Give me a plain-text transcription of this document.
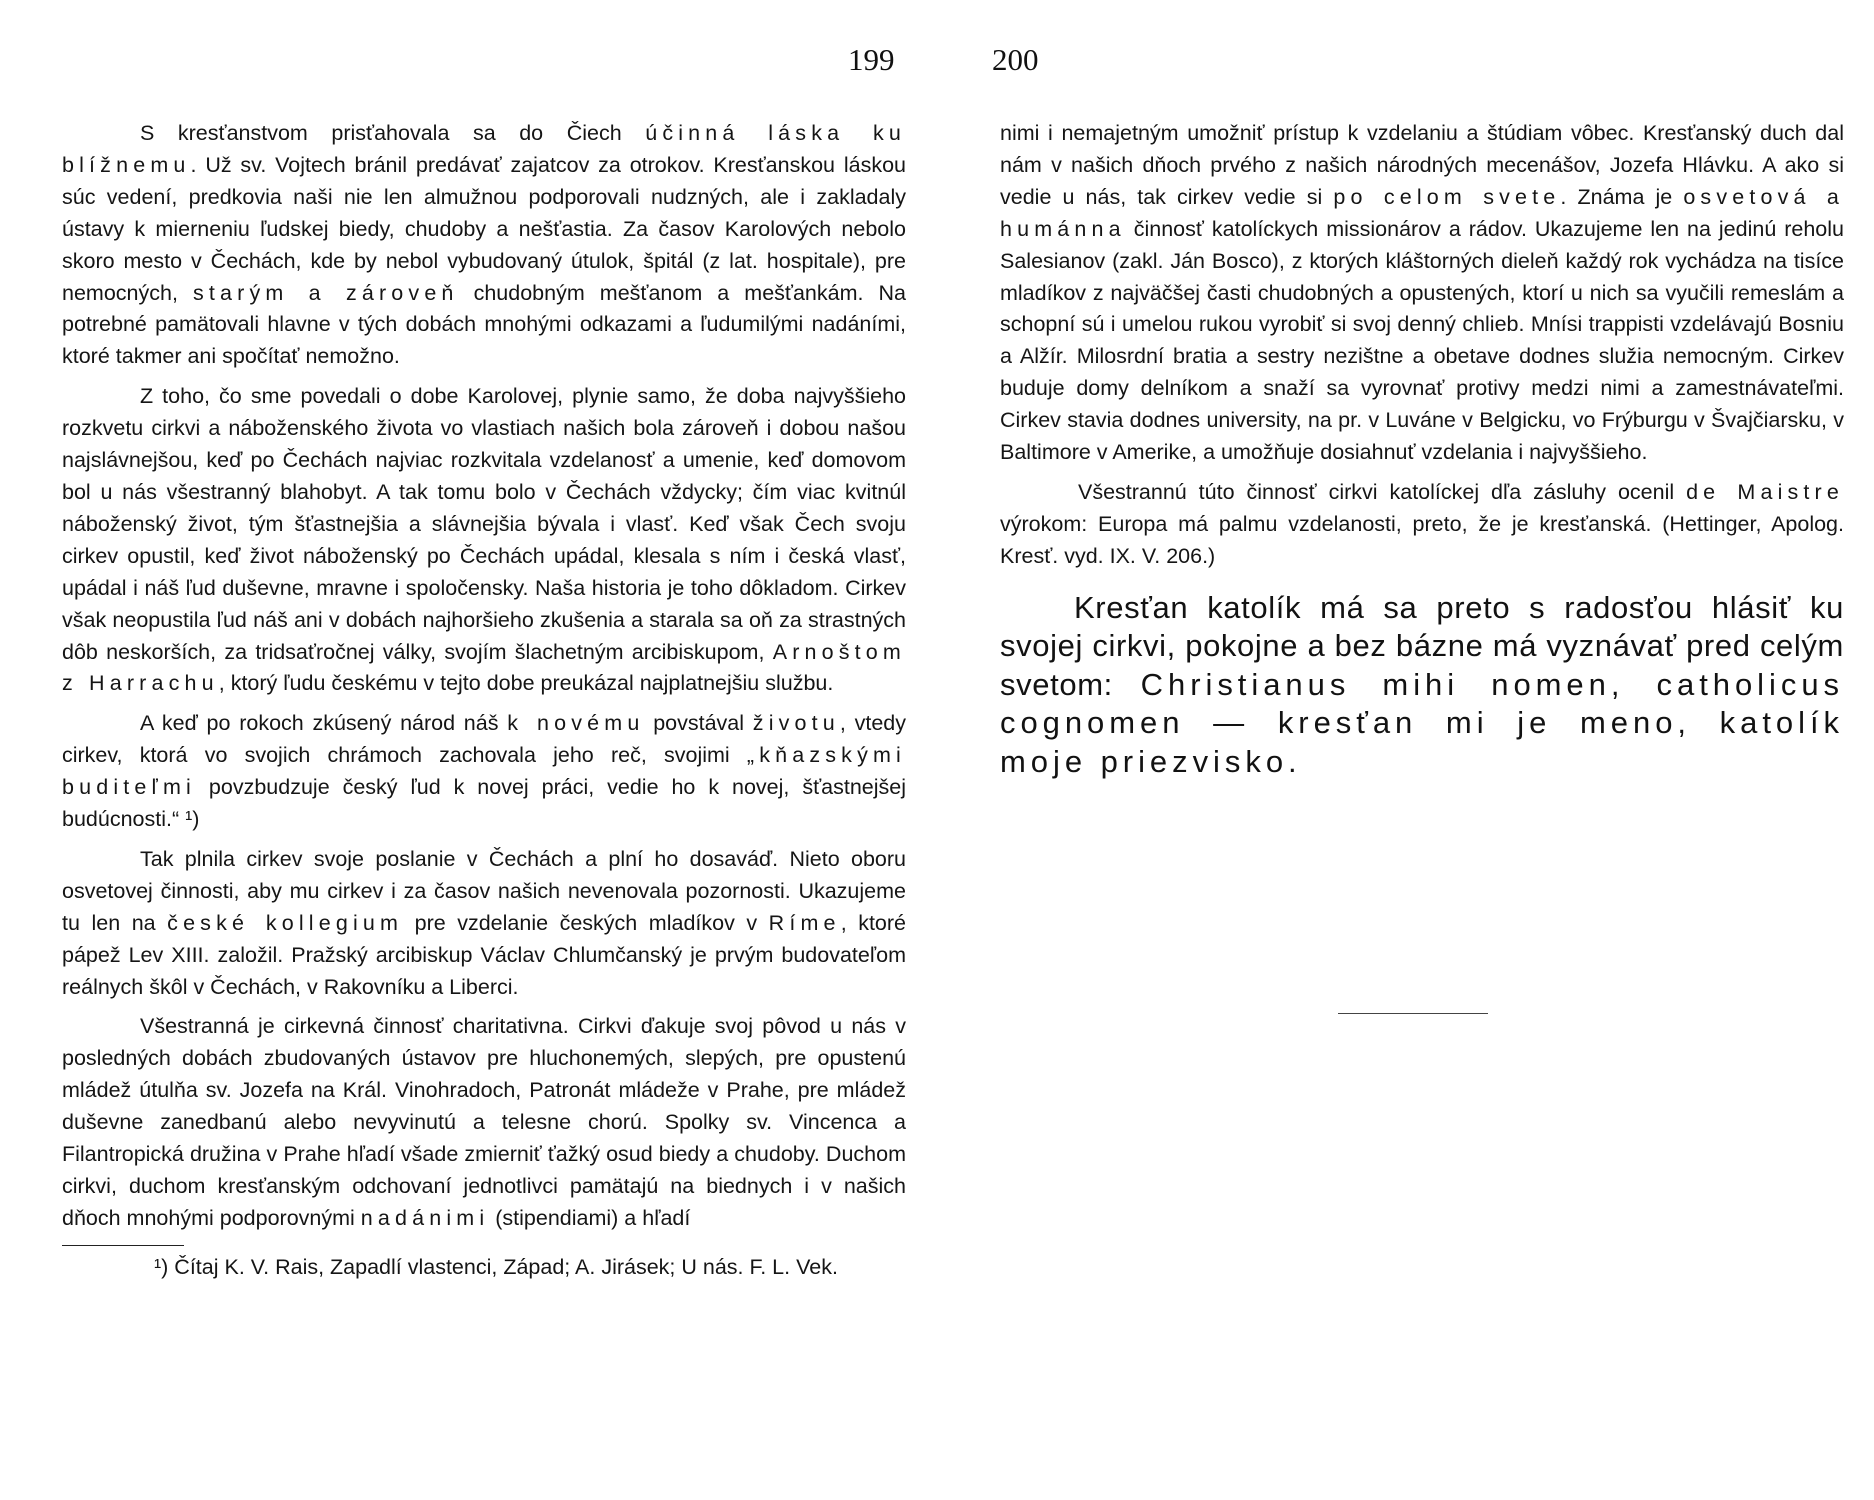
199	200

S kresťanstvom prisťahovala sa do Čiech účinná láska ku blížnemu. Už sv. Vojtech bránil predávať zajatcov za otrokov. Kresťanskou láskou súc vedení, predkovia naši nie len almužnou podporovali nudzných, ale i zakladaly ústavy k mierneniu ľudskej biedy, chudoby a nešťastia. Za časov Karolových nebolo skoro mesto v Čechách, kde by nebol vybudovaný útulok, špitál (z lat. hospitale), pre nemocných, starým a zároveň chudobným mešťanom a mešťankám. Na potrebné pamätovali hlavne v tých dobách mnohými odkazami a ľudumilými nadáními, ktoré takmer ani spočítať nemožno.

Z toho, čo sme povedali o dobe Karolovej, plynie samo, že doba najvyššieho rozkvetu cirkvi a náboženského života vo vlastiach našich bola zároveň i dobou našou najslávnejšou, keď po Čechách najviac rozkvitala vzdelanosť a umenie, keď domovom bol u nás všestranný blahobyt. A tak tomu bolo v Čechách vždycky; čím viac kvitnúl náboženský život, tým šťastnejšia a slávnejšia bývala i vlasť. Keď však Čech svoju cirkev opustil, keď život náboženský po Čechách upádal, klesala s ním i česká vlasť, upádal i náš ľud duševne, mravne i spoločensky. Naša historia je toho dôkladom. Cirkev však neopustila ľud náš ani v dobách najhoršieho zkušenia a starala sa oň za strastných dôb neskorších, za tridsaťročnej války, svojím šlachetným arcibiskupom, Arnoštom z Harrachu, ktorý ľudu českému v tejto dobe preukázal najplatnejšiu službu.

A keď po rokoch zkúsený národ náš k novému povstával životu, vtedy cirkev, ktorá vo svojich chrámoch zachovala jeho reč, svojimi „kňazskými buditeľmi povzbudzuje český ľud k novej práci, vedie ho k novej, šťastnejšej budúcnosti.“ ¹)

Tak plnila cirkev svoje poslanie v Čechách a plní ho dosaváď. Nieto oboru osvetovej činnosti, aby mu cirkev i za časov našich nevenovala pozornosti. Ukazujeme tu len na české kollegium pre vzdelanie českých mladíkov v Ríme, ktoré pápež Lev XIII. založil. Pražský arcibiskup Václav Chlumčanský je prvým budovateľom reálnych škôl v Čechách, v Rakovníku a Liberci.

Všestranná je cirkevná činnosť charitativna. Cirkvi ďakuje svoj pôvod u nás v posledných dobách zbudovaných ústavov pre hluchonemých, slepých, pre opustenú mládež útulňa sv. Jozefa na Král. Vinohradoch, Patronát mládeže v Prahe, pre mládež duševne zanedbanú alebo nevyvinutú a telesne chorú. Spolky sv. Vincenca a Filantropická družina v Prahe hľadí všade zmierniť ťažký osud biedy a chudoby. Duchom cirkvi, duchom kresťanským odchovaní jednotlivci pamätajú na biednych i v našich dňoch mnohými podporovnými nadánimi (stipendiami) a hľadí

¹) Čítaj K. V. Rais, Zapadlí vlastenci, Západ; A. Jirásek; U nás. F. L. Vek.

nimi i nemajetným umožniť prístup k vzdelaniu a štúdiam vôbec. Kresťanský duch dal nám v našich dňoch prvého z našich národných mecenášov, Jozefa Hlávku. A ako si vedie u nás, tak cirkev vedie si po celom svete. Známa je osvetová a humánna činnosť katolíckych missionárov a rádov. Ukazujeme len na jedinú reholu Salesianov (zakl. Ján Bosco), z ktorých kláštorných dieleň každý rok vychádza na tisíce mladíkov z najväčšej časti chudobných a opustených, ktorí u nich sa vyučili remeslám a schopní sú i umelou rukou vyrobiť si svoj denný chlieb. Mnísi trappisti vzdelávajú Bosniu a Alžír. Milosrdní bratia a sestry nezištne a obetave dodnes služia nemocným. Cirkev buduje domy delníkom a snaží sa vyrovnať protivy medzi nimi a zamestnávateľmi. Cirkev stavia dodnes university, na pr. v Luváne v Belgicku, vo Frýburgu v Švajčiarsku, v Baltimore v Amerike, a umožňuje dosiahnuť vzdelania i najvyššieho.

Všestrannú túto činnosť cirkvi katolíckej dľa zásluhy ocenil de Maistre výrokom: Europa má palmu vzdelanosti, preto, že je kresťanská. (Hettinger, Apolog. Kresť. vyd. IX. V. 206.)

Kresťan katolík má sa preto s radosťou hlásiť ku svojej cirkvi, pokojne a bez bázne má vyznávať pred celým svetom: Christianus mihi nomen, catholicus cognomen — kresťan mi je meno, katolík moje priezvisko.
